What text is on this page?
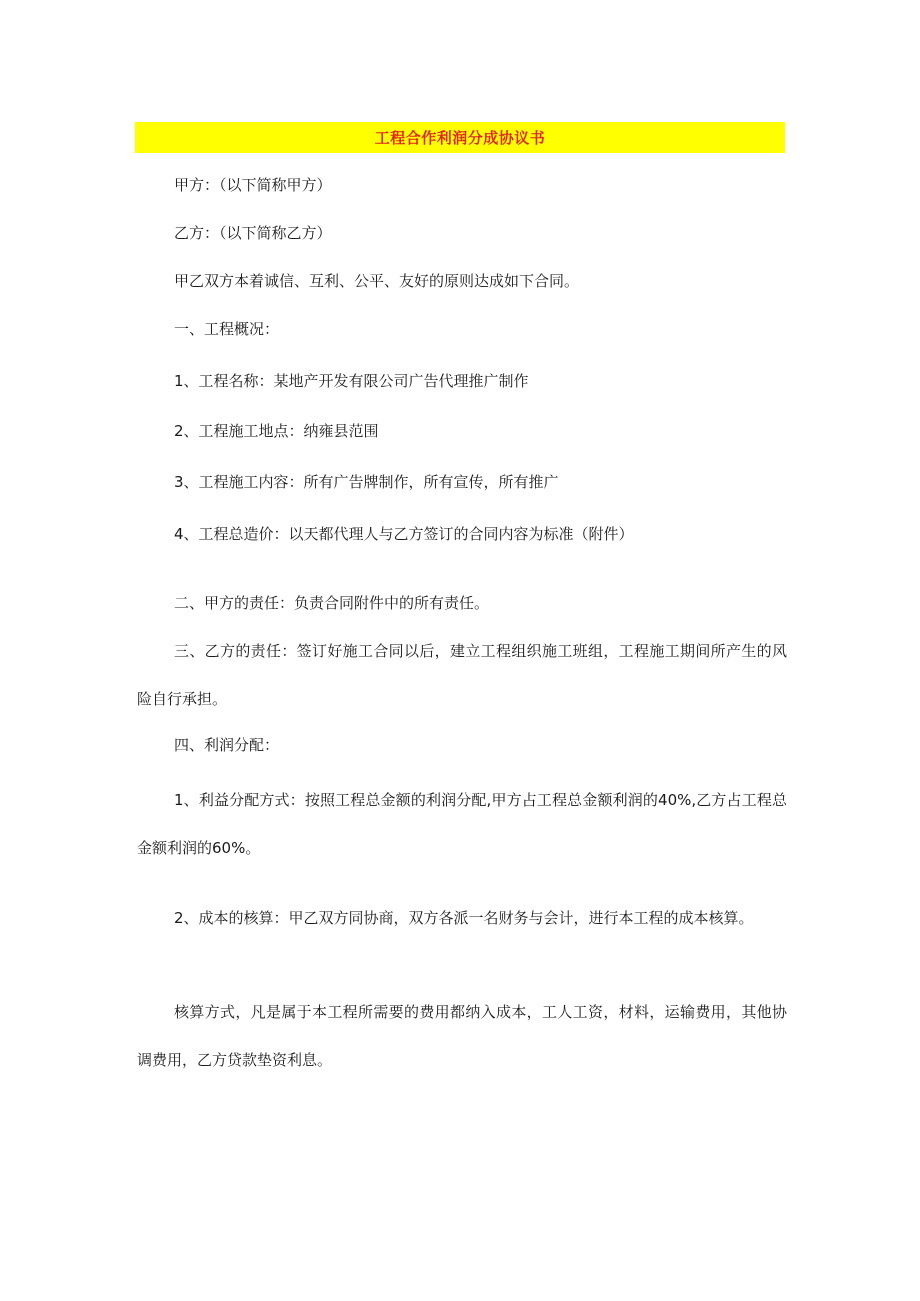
工程合作利润分成协议书

甲方：（以下简称甲方）

乙方：（以下简称乙方）

甲乙双方本着诚信、互利、公平、友好的原则达成如下合同。

一、工程概况：

1、工程名称：某地产开发有限公司广告代理推广制作

2、工程施工地点：纳雍县范围

3、工程施工内容：所有广告牌制作，所有宣传，所有推广

4、工程总造价：以天都代理人与乙方签订的合同内容为标准（附件）

二、甲方的责任：负责合同附件中的所有责任。

三、乙方的责任：签订好施工合同以后，建立工程组织施工班组，工程施工期间所产生的风险自行承担。

四、利润分配：

1、利益分配方式：按照工程总金额的利润分配,甲方占工程总金额利润的40%,乙方占工程总金额利润的60%。

2、成本的核算：甲乙双方同协商，双方各派一名财务与会计，进行本工程的成本核算。

核算方式，凡是属于本工程所需要的费用都纳入成本，工人工资，材料，运输费用，其他协调费用，乙方贷款垫资利息。
